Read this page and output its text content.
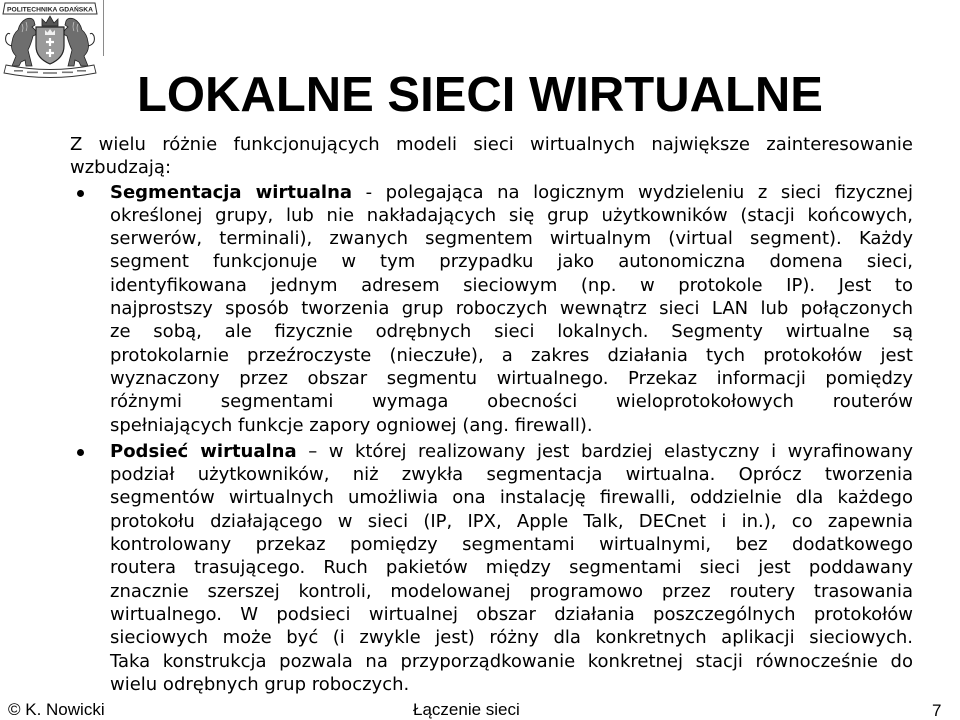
POLITECHNIKA GDAŃSKA
LOKALNE SIECI WIRTUALNE
Z wielu różnie funkcjonujących modeli sieci wirtualnych największe zainteresowanie
wzbudzają:
Segmentacja wirtualna - polegająca na logicznym wydzieleniu z sieci fizycznej
określonej grupy, lub nie nakładających się grup użytkowników (stacji końcowych,
serwerów, terminali), zwanych segmentem wirtualnym (virtual segment). Każdy
segment funkcjonuje w tym przypadku jako autonomiczna domena sieci,
identyfikowana jednym adresem sieciowym (np. w protokole IP). Jest to
najprostszy sposób tworzenia grup roboczych wewnątrz sieci LAN lub połączonych
ze sobą, ale fizycznie odrębnych sieci lokalnych. Segmenty wirtualne są
protokolarnie przeźroczyste (nieczułe), a zakres działania tych protokołów jest
wyznaczony przez obszar segmentu wirtualnego. Przekaz informacji pomiędzy
różnymi segmentami wymaga obecności wieloprotokołowych routerów
spełniających funkcje zapory ogniowej (ang. firewall).
Podsieć wirtualna – w której realizowany jest bardziej elastyczny i wyrafinowany
podział użytkowników, niż zwykła segmentacja wirtualna. Oprócz tworzenia
segmentów wirtualnych umożliwia ona instalację firewalli, oddzielnie dla każdego
protokołu działającego w sieci (IP, IPX, Apple Talk, DECnet i in.), co zapewnia
kontrolowany przekaz pomiędzy segmentami wirtualnymi, bez dodatkowego
routera trasującego. Ruch pakietów między segmentami sieci jest poddawany
znacznie szerszej kontroli, modelowanej programowo przez routery trasowania
wirtualnego. W podsieci wirtualnej obszar działania poszczególnych protokołów
sieciowych może być (i zwykle jest) różny dla konkretnych aplikacji sieciowych.
Taka konstrukcja pozwala na przyporządkowanie konkretnej stacji równocześnie do
wielu odrębnych grup roboczych.
© K. Nowicki	Łączenie sieci	7
